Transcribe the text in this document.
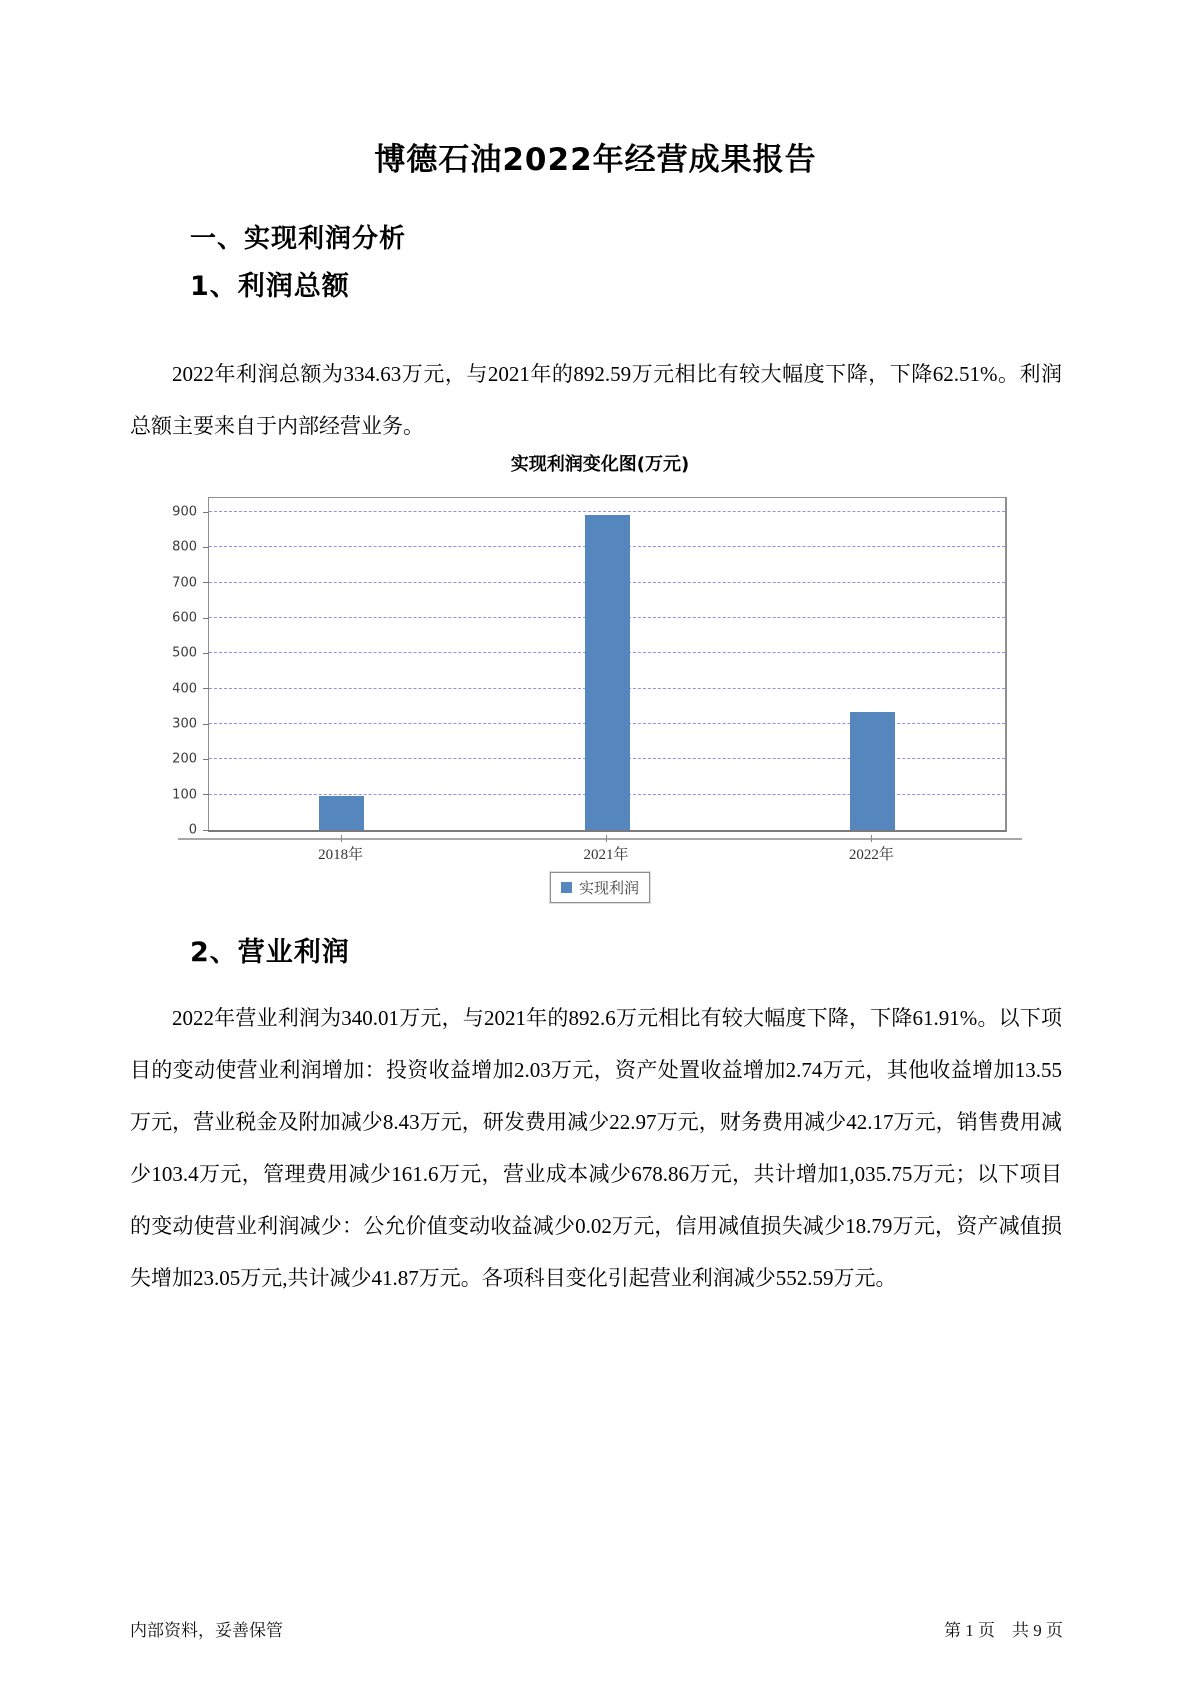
博德石油2022年经营成果报告
一、实现利润分析
1、利润总额
2022年利润总额为334.63万元，与2021年的892.59万元相比有较大幅度下降，下降62.51%。利润总额主要来自于内部经营业务。
实现利润变化图(万元)
0
100
200
300
400
500
600
700
800
900
实现利润
2018年	2021年	2022年
2、营业利润
2022年营业利润为340.01万元，与2021年的892.6万元相比有较大幅度下降，下降61.91%。以下项目的变动使营业利润增加：投资收益增加2.03万元，资产处置收益增加2.74万元，其他收益增加13.55万元，营业税金及附加减少8.43万元，研发费用减少22.97万元，财务费用减少42.17万元，销售费用减少103.4万元，管理费用减少161.6万元，营业成本减少678.86万元，共计增加1,035.75万元；以下项目的变动使营业利润减少：公允价值变动收益减少0.02万元，信用减值损失减少18.79万元，资产减值损失增加23.05万元,共计减少41.87万元。各项科目变化引起营业利润减少552.59万元。
内部资料，妥善保管	第 1 页　共 9 页
